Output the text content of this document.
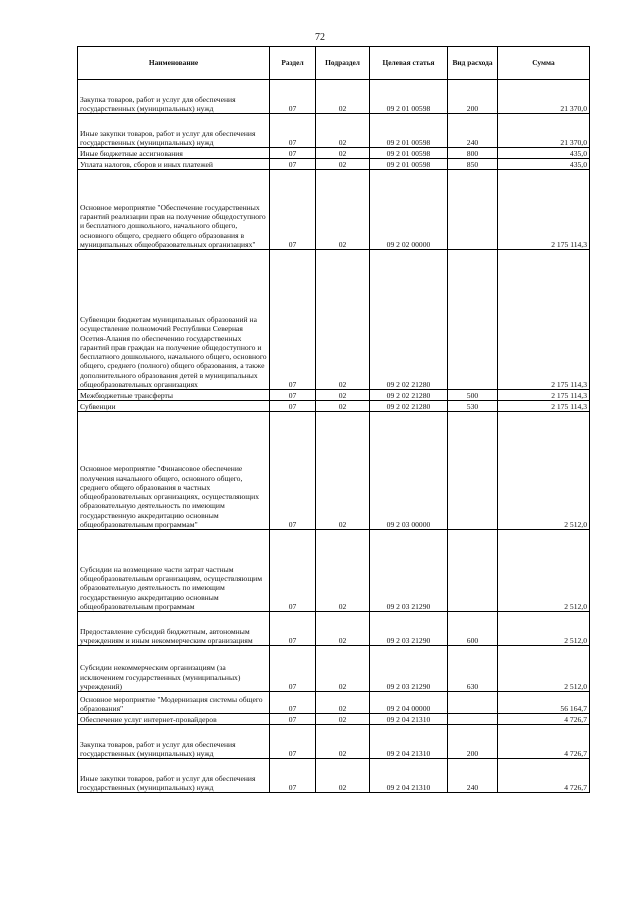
72
Наименование	Раздел	Подраздел	Целевая статья	Вид расхода	Сумма
Закупка товаров, работ и услуг для обеспечения государственных (муниципальных) нужд	07	02	09 2 01 00598	200	21 370,0
Иные закупки товаров, работ и услуг для обеспечения государственных (муниципальных) нужд	07	02	09 2 01 00598	240	21 370,0
Иные бюджетные ассигнования	07	02	09 2 01 00598	800	435,0
Уплата налогов, сборов и иных платежей	07	02	09 2 01 00598	850	435,0
Основное мероприятие "Обеспечение государственных гарантий реализации прав на получение общедоступного и бесплатного дошкольного, начального общего, основного общего, среднего общего образования в муниципальных общеобразовательных организациях"	07	02	09 2 02 00000		2 175 114,3
Субвенции бюджетам муниципальных образований на осуществление полномочий Республики Северная Осетия-Алания по обеспечению государственных гарантий прав граждан на получение общедоступного и бесплатного дошкольного, начального общего, основного общего, среднего (полного) общего образования, а также дополнительного образования детей в муниципальных общеобразовательных организациях	07	02	09 2 02 21280		2 175 114,3
Межбюджетные трансферты	07	02	09 2 02 21280	500	2 175 114,3
Субвенции	07	02	09 2 02 21280	530	2 175 114,3
Основное мероприятие "Финансовое обеспечение получения начального общего, основного общего, среднего общего образования в частных общеобразовательных организациях, осуществляющих образовательную деятельность по имеющим государственную аккредитацию основным общеобразовательным программам"	07	02	09 2 03 00000		2 512,0
Субсидии на возмещение части затрат частным общеобразовательным организациям, осуществляющим образовательную деятельность по имеющим государственную аккредитацию основным общеобразовательным программам	07	02	09 2 03 21290		2 512,0
Предоставление субсидий бюджетным, автономным учреждениям и иным некоммерческим организациям	07	02	09 2 03 21290	600	2 512,0
Субсидии некоммерческим организациям (за исключением государственных (муниципальных) учреждений)	07	02	09 2 03 21290	630	2 512,0
Основное мероприятие "Модернизация системы общего образования"	07	02	09 2 04 00000		56 164,7
Обеспечение услуг интернет-провайдеров	07	02	09 2 04 21310		4 726,7
Закупка товаров, работ и услуг для обеспечения государственных (муниципальных) нужд	07	02	09 2 04 21310	200	4 726,7
Иные закупки товаров, работ и услуг для обеспечения государственных (муниципальных) нужд	07	02	09 2 04 21310	240	4 726,7
